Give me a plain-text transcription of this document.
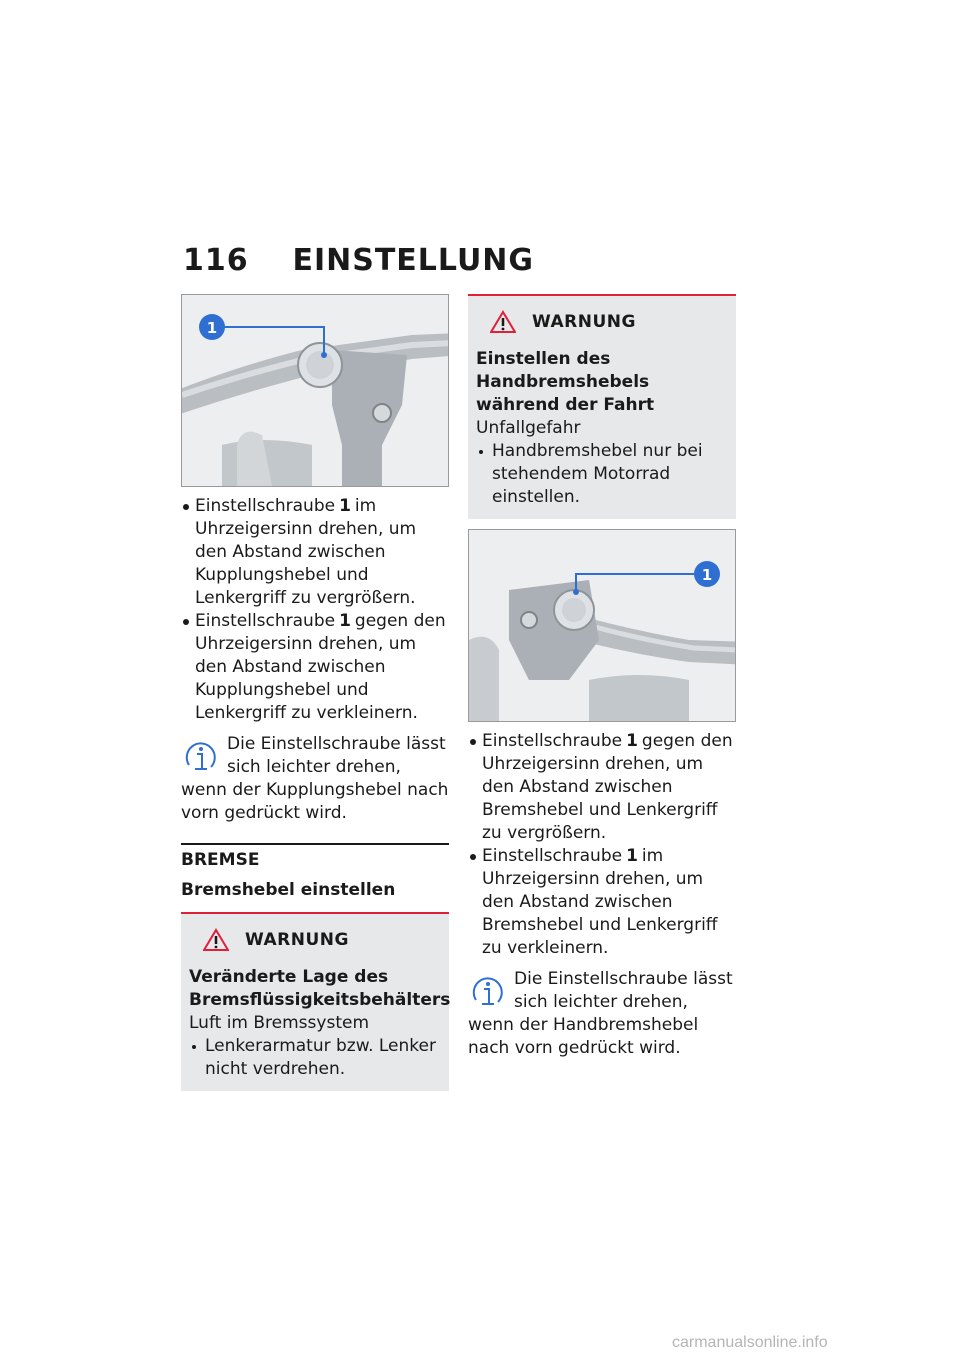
116 EINSTELLUNG
1
Einstellschraube 1 im Uhrzeigersinn drehen, um den Abstand zwischen Kupplungshebel und Lenkergriff zu vergrößern.
Einstellschraube 1 gegen den Uhrzeigersinn drehen, um den Abstand zwischen Kupplungshebel und Lenkergriff zu verkleinern.

Die Einstellschraube lässt sich leichter drehen, wenn der Kupplungshebel nach vorn gedrückt wird.

BREMSE
Bremshebel einstellen
WARNUNG
Veränderte Lage des Bremsflüssigkeitsbehälters
Luft im Bremssystem
Lenkerarmatur bzw. Lenker nicht verdrehen.
WARNUNG
Einstellen des Handbremshebels während der Fahrt
Unfallgefahr
Handbremshebel nur bei stehendem Motorrad einstellen.
1
Einstellschraube 1 gegen den Uhrzeigersinn drehen, um den Abstand zwischen Bremshebel und Lenkergriff zu vergrößern.
Einstellschraube 1 im Uhrzeigersinn drehen, um den Abstand zwischen Bremshebel und Lenkergriff zu verkleinern.

Die Einstellschraube lässt sich leichter drehen, wenn der Handbremshebel nach vorn gedrückt wird.

carmanualsonline.info
